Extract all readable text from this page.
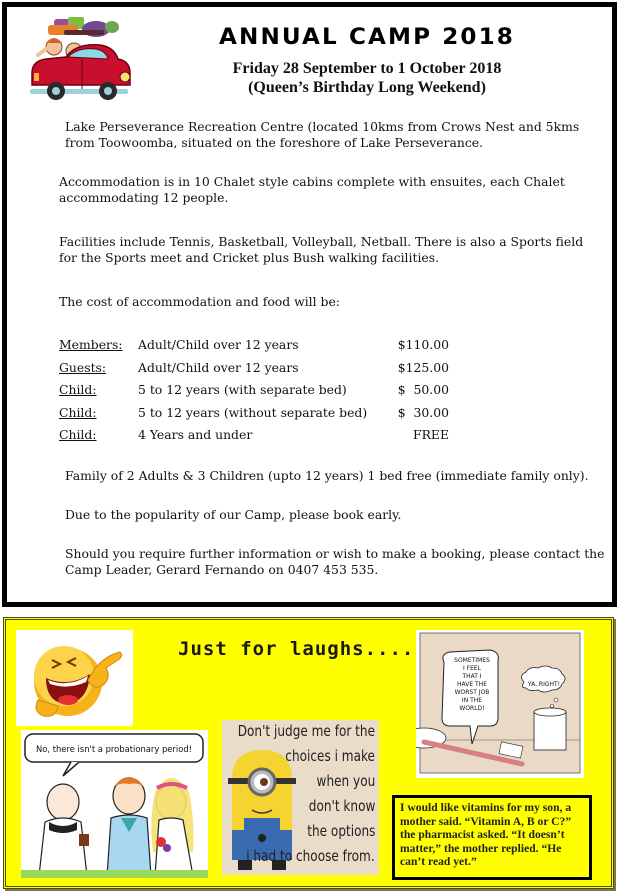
ANNUAL CAMP 2018
Friday 28 September to 1 October 2018
(Queen’s Birthday Long Weekend)
Lake Perseverance Recreation Centre (located 10kms from Crows Nest and 5kms from Toowoomba, situated on the foreshore of Lake Perseverance.
Accommodation is in 10 Chalet style cabins complete with ensuites, each Chalet accommodating 12 people.
Facilities include Tennis, Basketball, Volleyball, Netball. There is also a Sports field for the Sports meet and Cricket plus Bush walking facilities.
The cost of accommodation and food will be:
Members: Adult/Child over 12 years	$110.00
Guests:	Adult/Child over 12 years	$125.00
Child:	5 to 12 years (with separate bed)	$  50.00
Child:	5 to 12 years (without separate bed) $  30.00
Child:	4 Years and under	FREE
Family of 2 Adults & 3 Children (upto 12 years) 1 bed free (immediate family only).
Due to the popularity of our Camp, please book early.
Should you require further information or wish to make a booking, please contact the Camp Leader, Gerard Fernando on 0407 453 535.
Just for laughs....
No, there isn't a probationary period!
Don't judge me for the
choices i make
when you
don't know
the options
i had to choose from.
SOMETIMES
I FEEL
THAT I
HAVE THE
WORST JOB
IN THE
WORLD!
YA..RIGHT!
I would like vitamins for my son, a mother said. “Vitamin A, B or C?” the pharmacist asked. “It doesn’t matter,” the mother replied. “He can’t read yet.”
